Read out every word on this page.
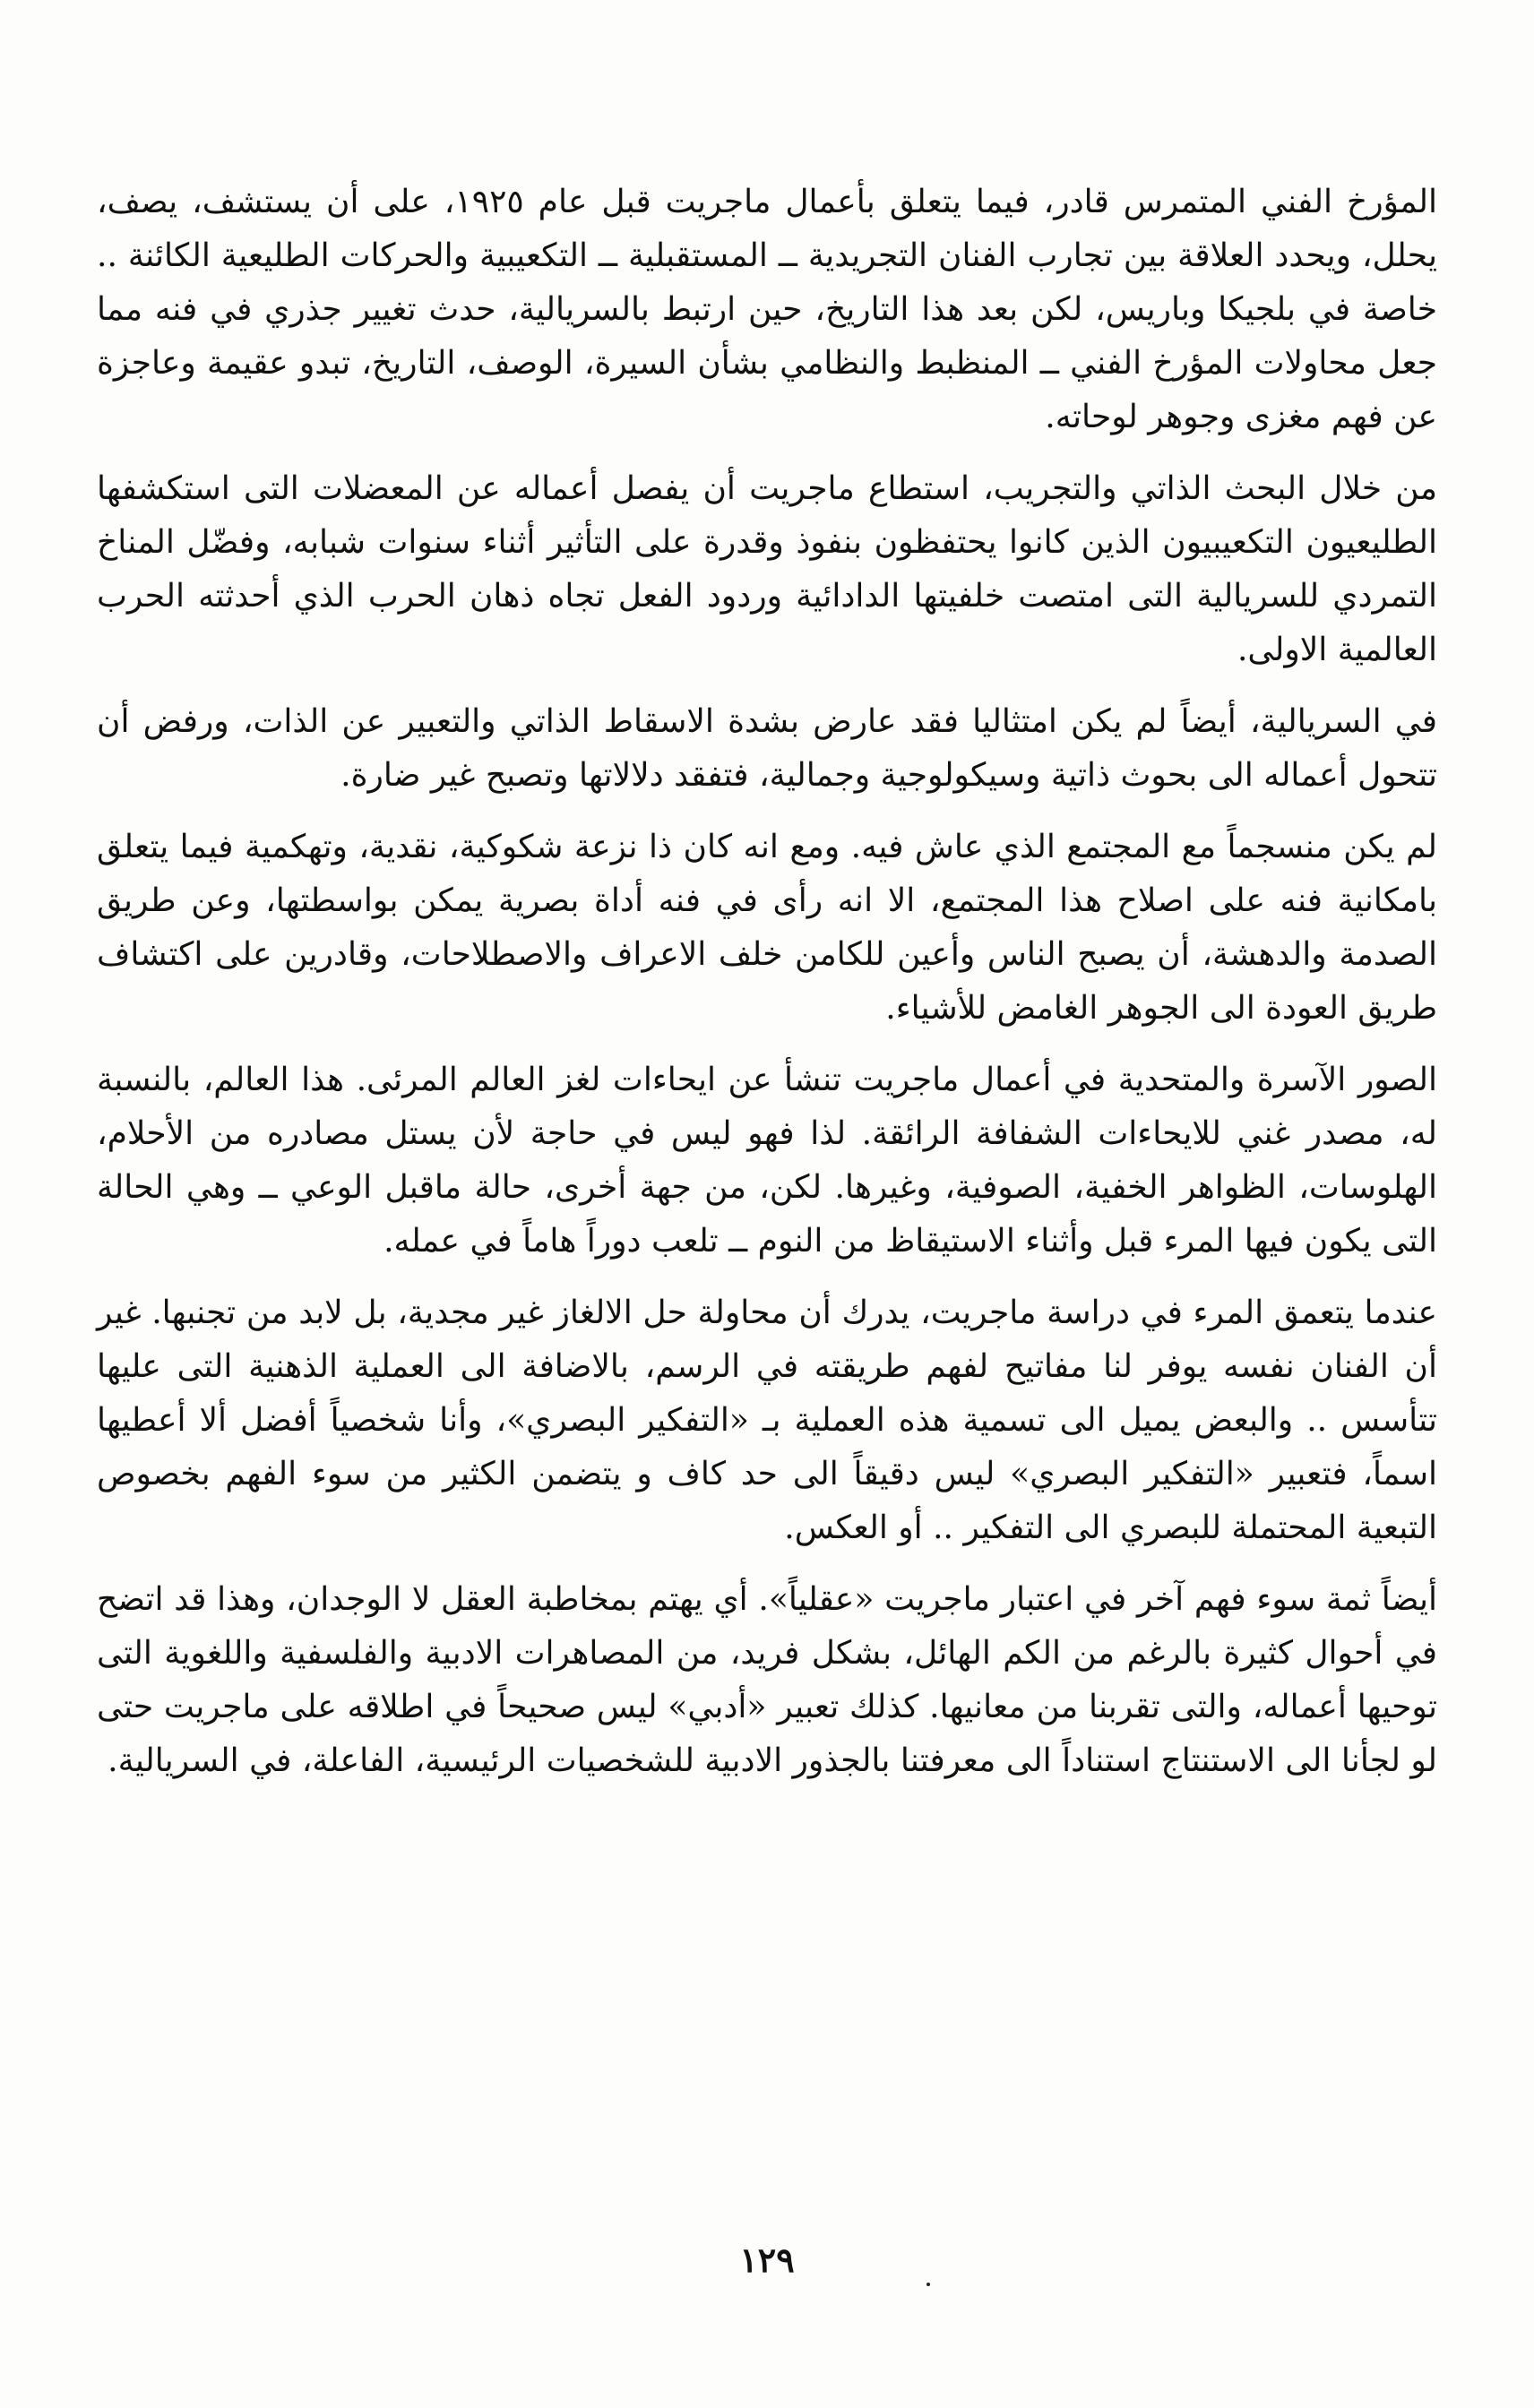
المؤرخ الفني المتمرس قادر، فيما يتعلق بأعمال ماجريت قبل عام ١٩٢٥، على أن يستشف، يصف، يحلل، ويحدد العلاقة بين تجارب الفنان التجريدية ــ المستقبلية ــ التكعيبية والحركات الطليعية الكائنة .. خاصة في بلجيكا وباريس، لكن بعد هذا التاريخ، حين ارتبط بالسريالية، حدث تغيير جذري في فنه مما جعل محاولات المؤرخ الفني ــ المنظبط والنظامي بشأن السيرة، الوصف، التاريخ، تبدو عقيمة وعاجزة عن فهم مغزى وجوهر لوحاته.

من خلال البحث الذاتي والتجريب، استطاع ماجريت أن يفصل أعماله عن المعضلات التى استكشفها الطليعيون التكعيبيون الذين كانوا يحتفظون بنفوذ وقدرة على التأثير أثناء سنوات شبابه، وفضّل المناخ التمردي للسريالية التى امتصت خلفيتها الدادائية وردود الفعل تجاه ذهان الحرب الذي أحدثته الحرب العالمية الاولى.

في السريالية، أيضاً لم يكن امتثاليا فقد عارض بشدة الاسقاط الذاتي والتعبير عن الذات، ورفض أن تتحول أعماله الى بحوث ذاتية وسيكولوجية وجمالية، فتفقد دلالاتها وتصبح غير ضارة.

لم يكن منسجماً مع المجتمع الذي عاش فيه. ومع انه كان ذا نزعة شكوكية، نقدية، وتهكمية فيما يتعلق بامكانية فنه على اصلاح هذا المجتمع، الا انه رأى في فنه أداة بصرية يمكن بواسطتها، وعن طريق الصدمة والدهشة، أن يصبح الناس وأعين للكامن خلف الاعراف والاصطلاحات، وقادرين على اكتشاف طريق العودة الى الجوهر الغامض للأشياء.

الصور الآسرة والمتحدية في أعمال ماجريت تنشأ عن ايحاءات لغز العالم المرئى. هذا العالم، بالنسبة له، مصدر غني للايحاءات الشفافة الرائقة. لذا فهو ليس في حاجة لأن يستل مصادره من الأحلام، الهلوسات، الظواهر الخفية، الصوفية، وغيرها. لكن، من جهة أخرى، حالة ماقبل الوعي ــ وهي الحالة التى يكون فيها المرء قبل وأثناء الاستيقاظ من النوم ــ تلعب دوراً هاماً في عمله.

عندما يتعمق المرء في دراسة ماجريت، يدرك أن محاولة حل الالغاز غير مجدية، بل لابد من تجنبها. غير أن الفنان نفسه يوفر لنا مفاتيح لفهم طريقته في الرسم، بالاضافة الى العملية الذهنية التى عليها تتأسس .. والبعض يميل الى تسمية هذه العملية بـ «التفكير البصري»، وأنا شخصياً أفضل ألا أعطيها اسماً، فتعبير «التفكير البصري» ليس دقيقاً الى حد كاف و يتضمن الكثير من سوء الفهم بخصوص التبعية المحتملة للبصري الى التفكير .. أو العكس.

أيضاً ثمة سوء فهم آخر في اعتبار ماجريت «عقلياً». أي يهتم بمخاطبة العقل لا الوجدان، وهذا قد اتضح في أحوال كثيرة بالرغم من الكم الهائل، بشكل فريد، من المصاهرات الادبية والفلسفية واللغوية التى توحيها أعماله، والتى تقربنا من معانيها. كذلك تعبير «أدبي» ليس صحيحاً في اطلاقه على ماجريت حتى لو لجأنا الى الاستنتاج استناداً الى معرفتنا بالجذور الادبية للشخصيات الرئيسية، الفاعلة، في السريالية.

١٢٩
